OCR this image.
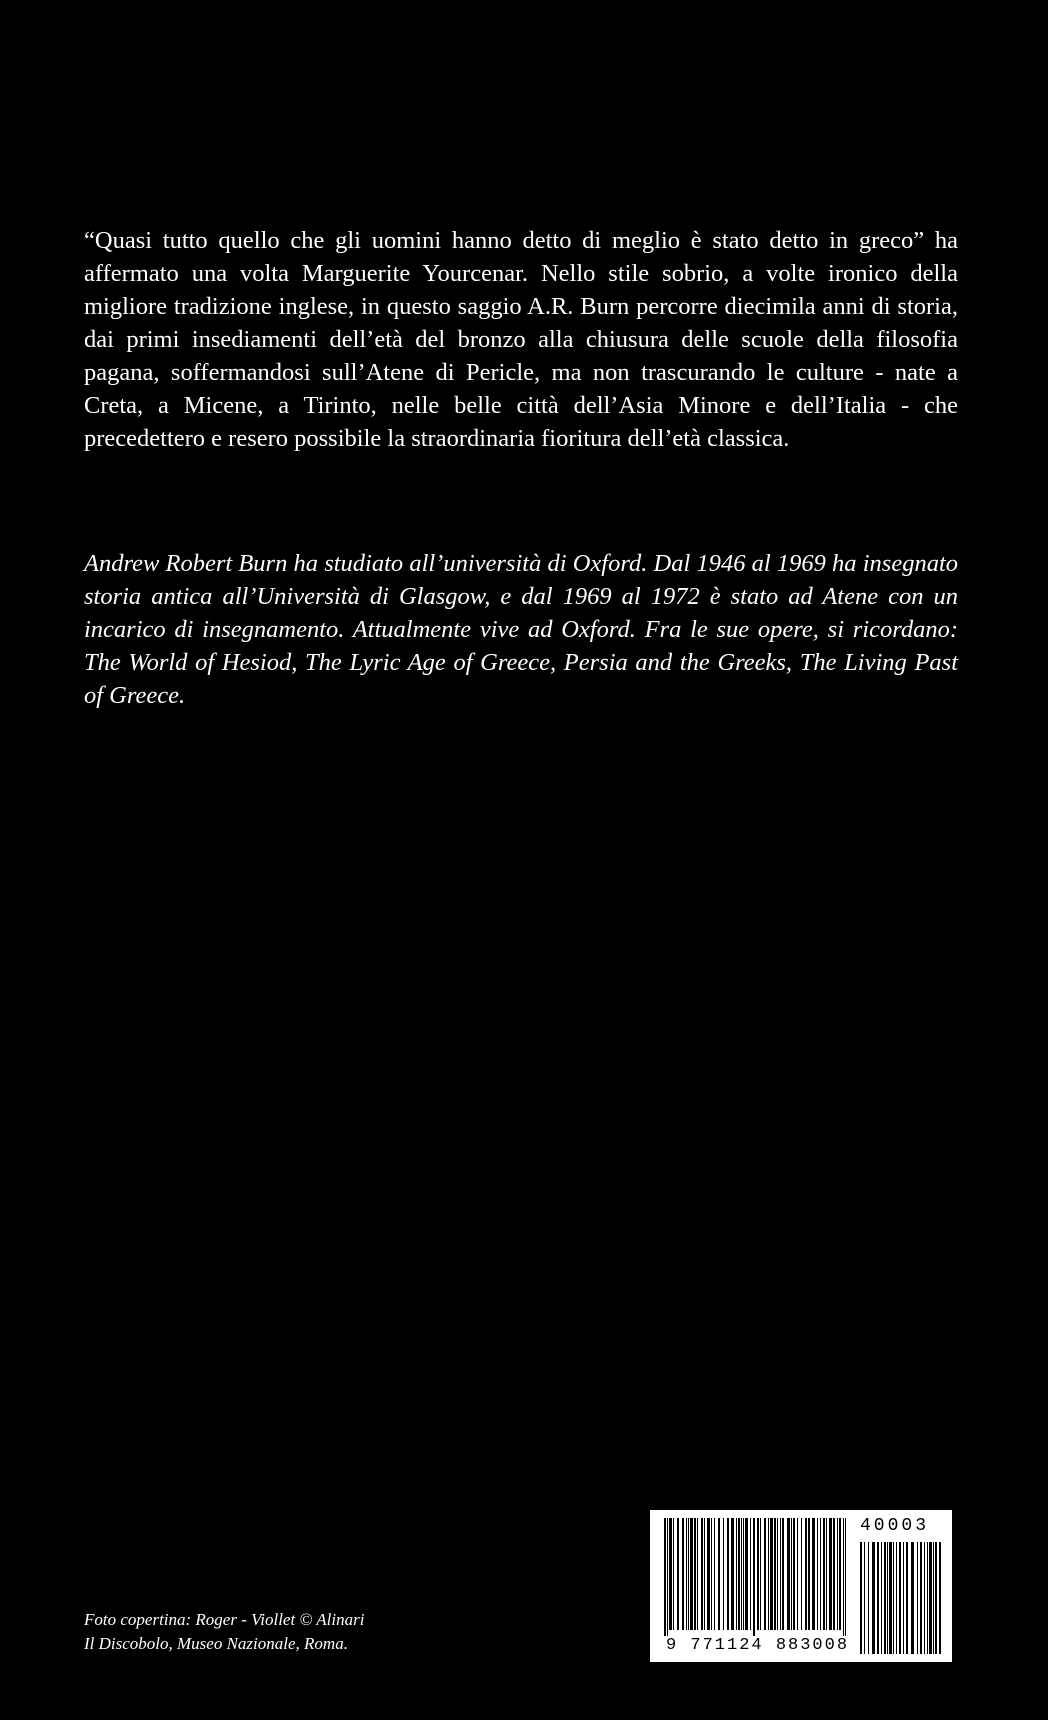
“Quasi tutto quello che gli uomini hanno detto di meglio è stato detto in greco” ha affermato una volta Marguerite Yourcenar. Nello stile sobrio, a volte ironico della migliore tradizione inglese, in questo saggio A.R. Burn percorre diecimila anni di storia, dai primi insediamenti dell’età del bronzo alla chiusura delle scuole della filosofia pagana, soffermandosi sull’Atene di Pericle, ma non trascurando le culture - nate a Creta, a Micene, a Tirinto, nelle belle città dell’Asia Minore e dell’Italia - che precedettero e resero possibile la straordinaria fioritura dell’età classica.

Andrew Robert Burn ha studiato all’università di Oxford. Dal 1946 al 1969 ha insegnato storia antica all’Università di Glasgow, e dal 1969 al 1972 è stato ad Atene con un incarico di insegnamento. Attualmente vive ad Oxford. Fra le sue opere, si ricordano: The World of Hesiod, The Lyric Age of Greece, Persia and the Greeks, The Living Past of Greece.

Foto copertina: Roger - Viollet © Alinari
Il Discobolo, Museo Nazionale, Roma.
40003
9 771124 883008
